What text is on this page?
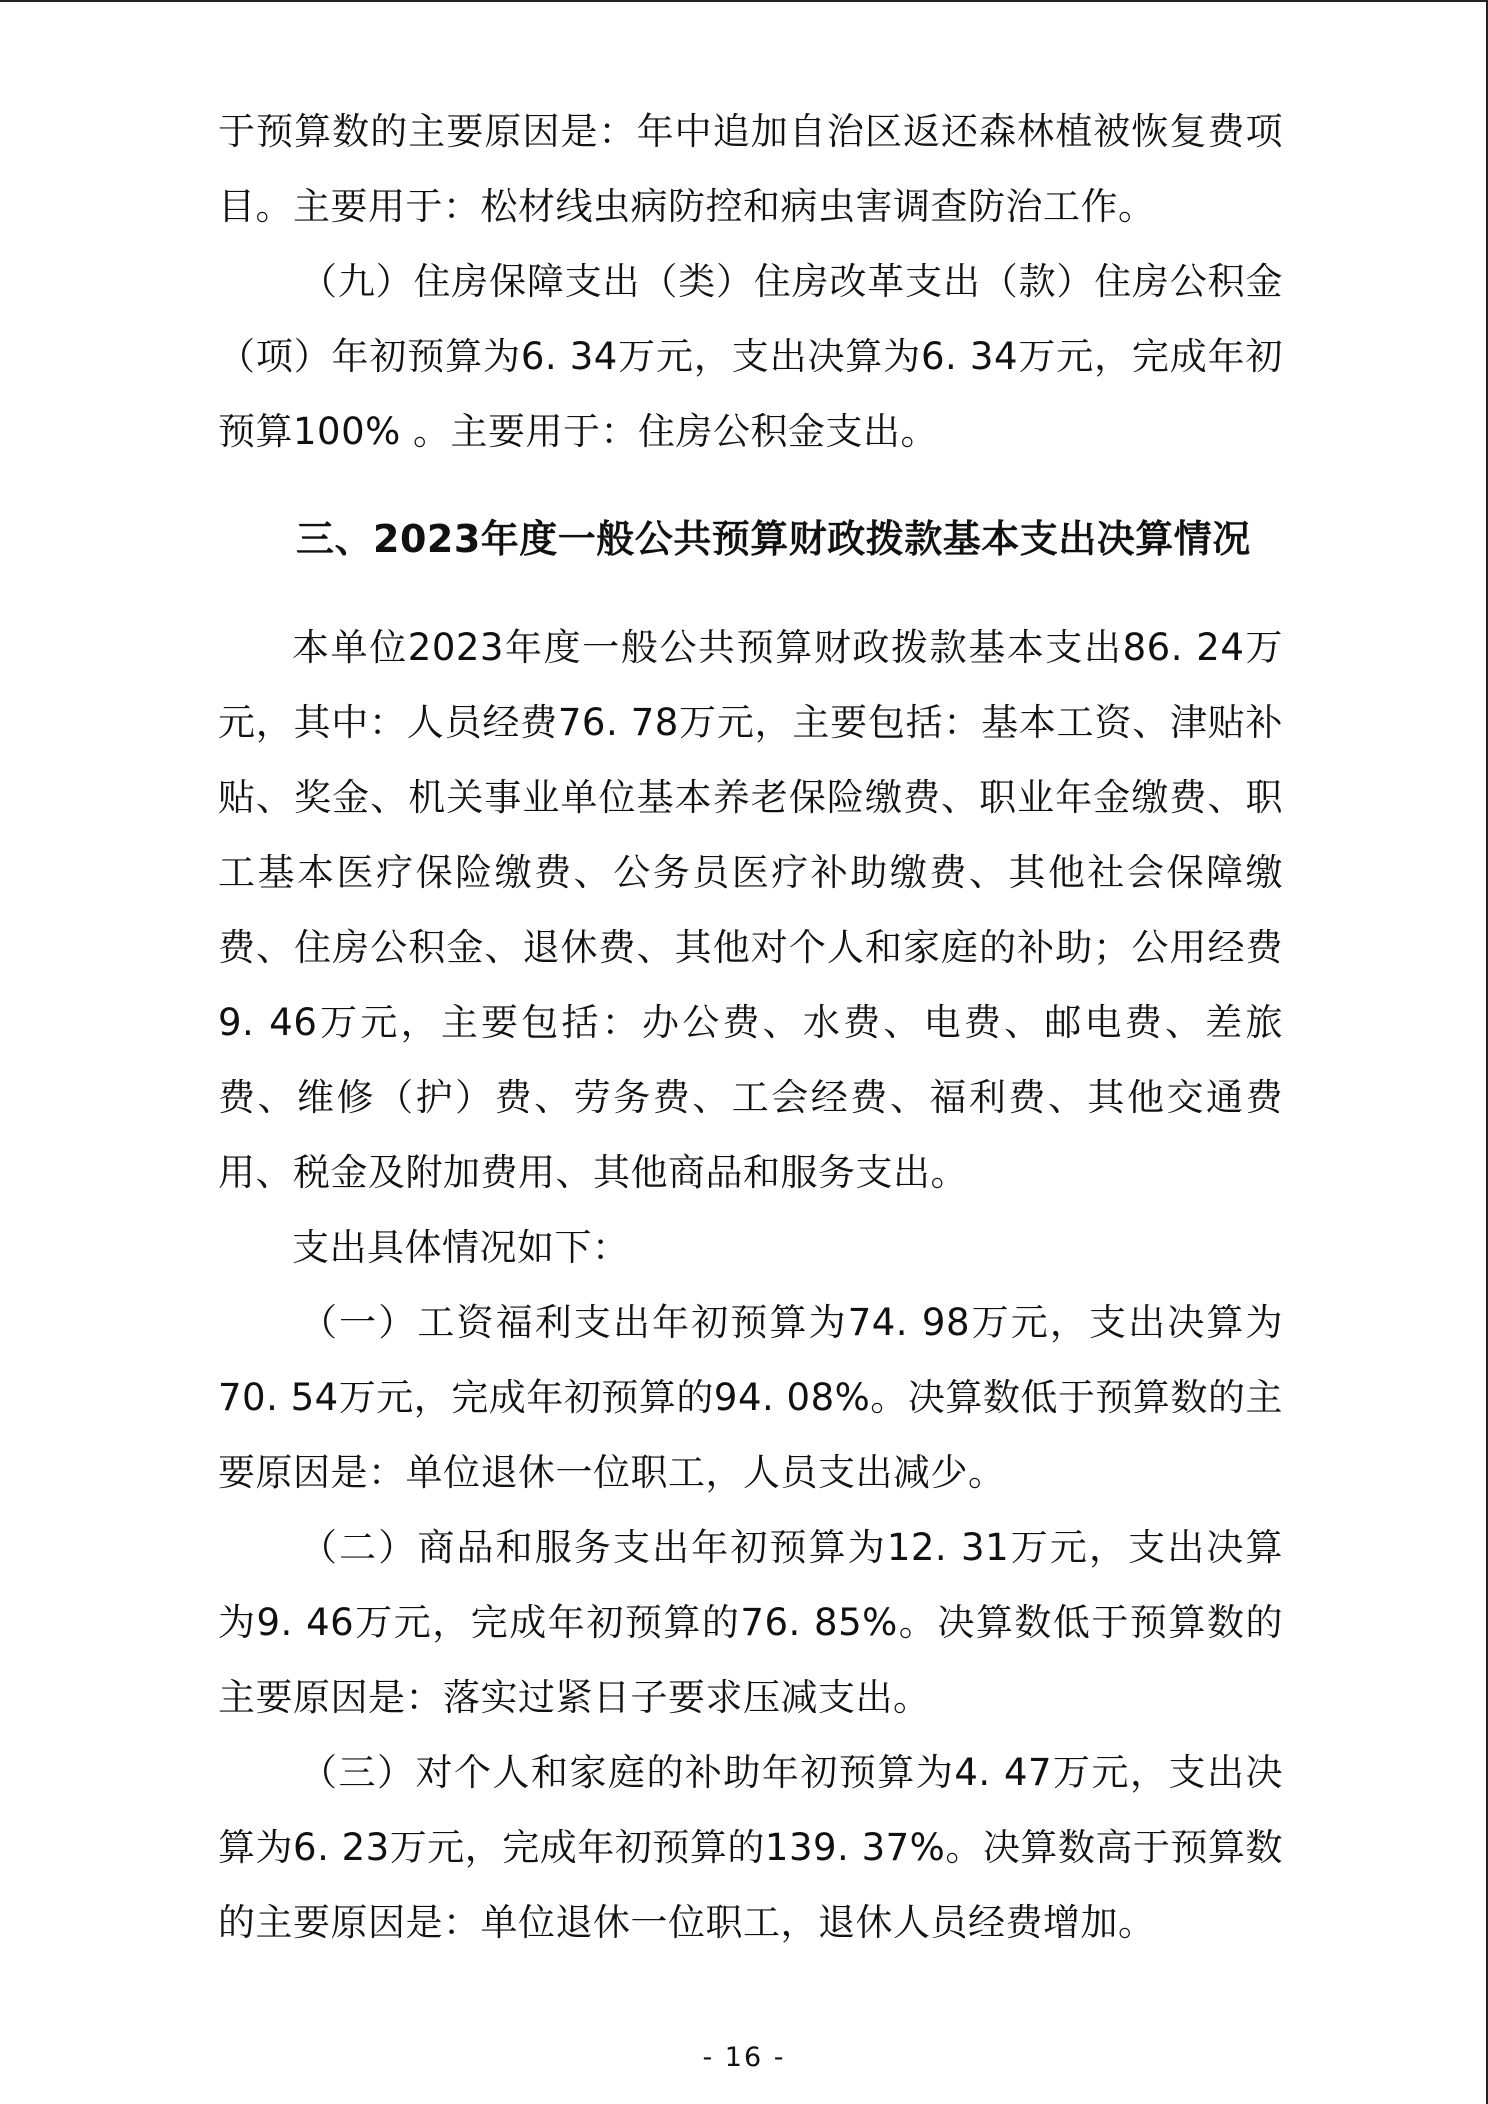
于预算数的主要原因是：年中追加自治区返还森林植被恢复费项目。主要用于：松材线虫病防控和病虫害调查防治工作。

（九）住房保障支出（类）住房改革支出（款）住房公积金（项）年初预算为6. 34万元，支出决算为6. 34万元，完成年初预算100% 。主要用于：住房公积金支出。

三、2023年度一般公共预算财政拨款基本支出决算情况

本单位2023年度一般公共预算财政拨款基本支出86. 24万元，其中：人员经费76. 78万元，主要包括：基本工资、津贴补贴、奖金、机关事业单位基本养老保险缴费、职业年金缴费、职工基本医疗保险缴费、公务员医疗补助缴费、其他社会保障缴费、住房公积金、退休费、其他对个人和家庭的补助；公用经费9. 46万元，主要包括：办公费、水费、电费、邮电费、差旅费、维修（护）费、劳务费、工会经费、福利费、其他交通费用、税金及附加费用、其他商品和服务支出。

支出具体情况如下：

（一）工资福利支出年初预算为74. 98万元，支出决算为70. 54万元，完成年初预算的94. 08%。决算数低于预算数的主要原因是：单位退休一位职工，人员支出减少。

（二）商品和服务支出年初预算为12. 31万元，支出决算为9. 46万元，完成年初预算的76. 85%。决算数低于预算数的主要原因是：落实过紧日子要求压减支出。

（三）对个人和家庭的补助年初预算为4. 47万元，支出决算为6. 23万元，完成年初预算的139. 37%。决算数高于预算数的主要原因是：单位退休一位职工，退休人员经费增加。

- 16 -
